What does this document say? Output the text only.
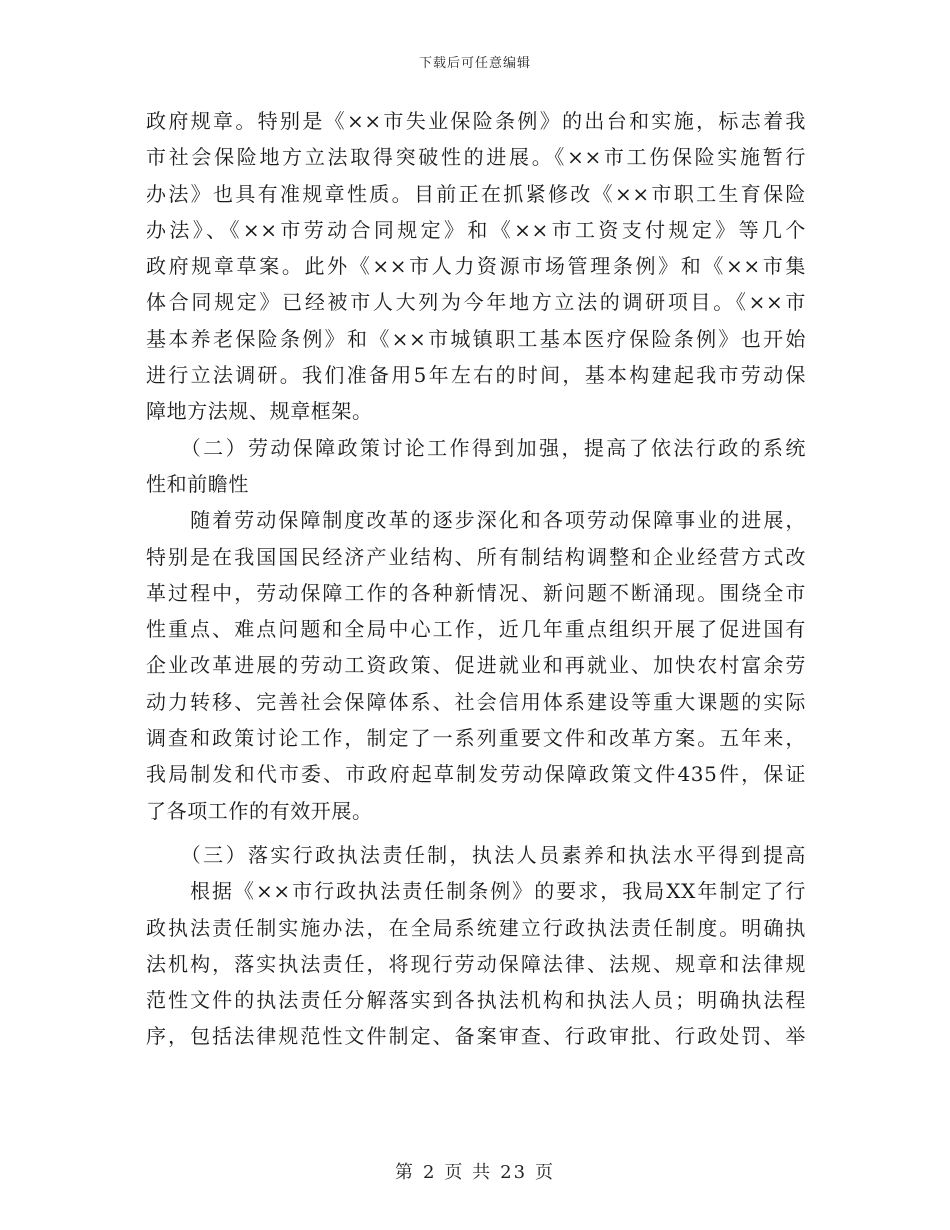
下载后可任意编辑
政府规章。特别是《××市失业保险条例》的出台和实施，标志着我
市社会保险地方立法取得突破性的进展。《××市工伤保险实施暂行
办法》也具有准规章性质。目前正在抓紧修改《××市职工生育保险
办法》、《××市劳动合同规定》和《××市工资支付规定》等几个
政府规章草案。此外《××市人力资源市场管理条例》和《××市集
体合同规定》已经被市人大列为今年地方立法的调研项目。《××市
基本养老保险条例》和《××市城镇职工基本医疗保险条例》也开始
进行立法调研。我们准备用5年左右的时间，基本构建起我市劳动保
障地方法规、规章框架。
　　（二）劳动保障政策讨论工作得到加强，提高了依法行政的系统
性和前瞻性
　　随着劳动保障制度改革的逐步深化和各项劳动保障事业的进展，
特别是在我国国民经济产业结构、所有制结构调整和企业经营方式改
革过程中，劳动保障工作的各种新情况、新问题不断涌现。围绕全市
性重点、难点问题和全局中心工作，近几年重点组织开展了促进国有
企业改革进展的劳动工资政策、促进就业和再就业、加快农村富余劳
动力转移、完善社会保障体系、社会信用体系建设等重大课题的实际
调查和政策讨论工作，制定了一系列重要文件和改革方案。五年来，
我局制发和代市委、市政府起草制发劳动保障政策文件435件，保证
了各项工作的有效开展。
　　（三）落实行政执法责任制，执法人员素养和执法水平得到提高
　　根据《××市行政执法责任制条例》的要求，我局XX年制定了行
政执法责任制实施办法，在全局系统建立行政执法责任制度。明确执
法机构，落实执法责任，将现行劳动保障法律、法规、规章和法律规
范性文件的执法责任分解落实到各执法机构和执法人员；明确执法程
序，包括法律规范性文件制定、备案审查、行政审批、行政处罚、举
第 2 页 共 23 页
